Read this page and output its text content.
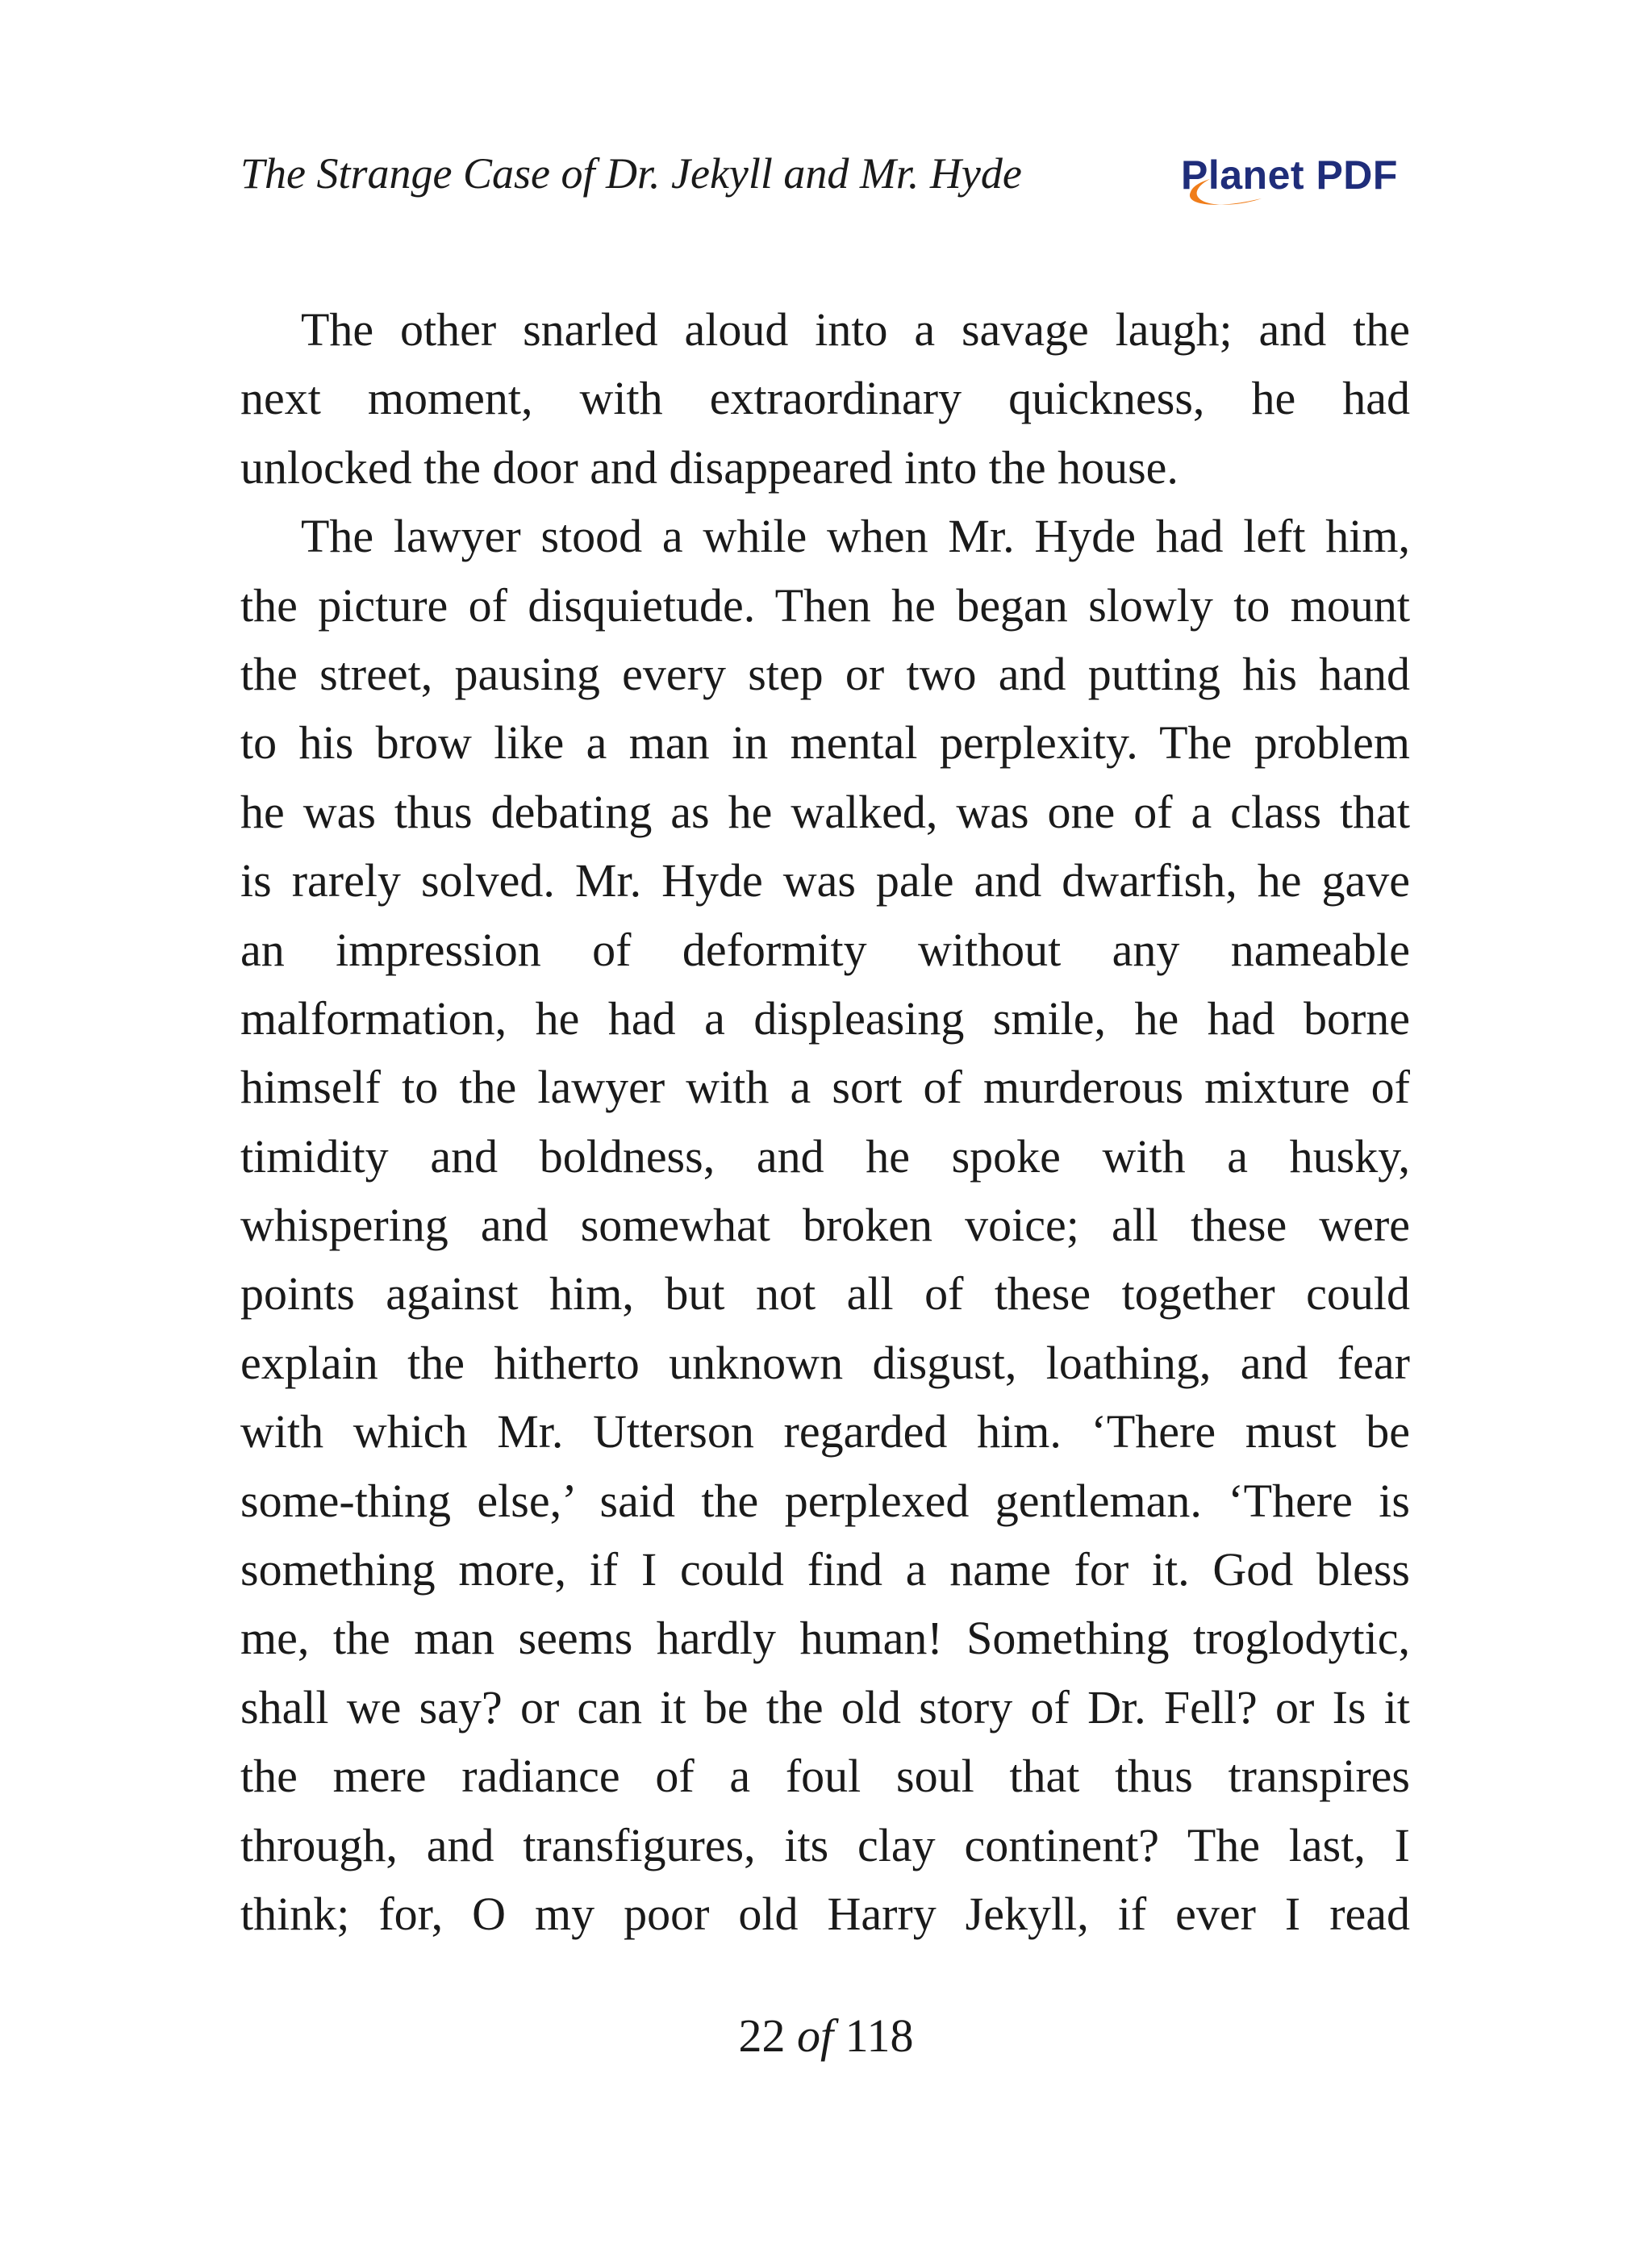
The Strange Case of Dr. Jekyll and Mr. Hyde	Planet PDF
The other snarled aloud into a savage laugh; and the
next moment, with extraordinary quickness, he had
unlocked the door and disappeared into the house.
The lawyer stood a while when Mr. Hyde had left him,
the picture of disquietude. Then he began slowly to mount
the street, pausing every step or two and putting his hand
to his brow like a man in mental perplexity. The problem
he was thus debating as he walked, was one of a class that
is rarely solved. Mr. Hyde was pale and dwarfish, he gave
an impression of deformity without any nameable
malformation, he had a displeasing smile, he had borne
himself to the lawyer with a sort of murderous mixture of
timidity and boldness, and he spoke with a husky,
whispering and somewhat broken voice; all these were
points against him, but not all of these together could
explain the hitherto unknown disgust, loathing, and fear
with which Mr. Utterson regarded him. ‘There must be
some-thing else,’ said the perplexed gentleman. ‘There is
something more, if I could find a name for it. God bless
me, the man seems hardly human! Something troglodytic,
shall we say? or can it be the old story of Dr. Fell? or Is it
the mere radiance of a foul soul that thus transpires
through, and transfigures, its clay continent? The last, I
think; for, O my poor old Harry Jekyll, if ever I read
22 of 118
